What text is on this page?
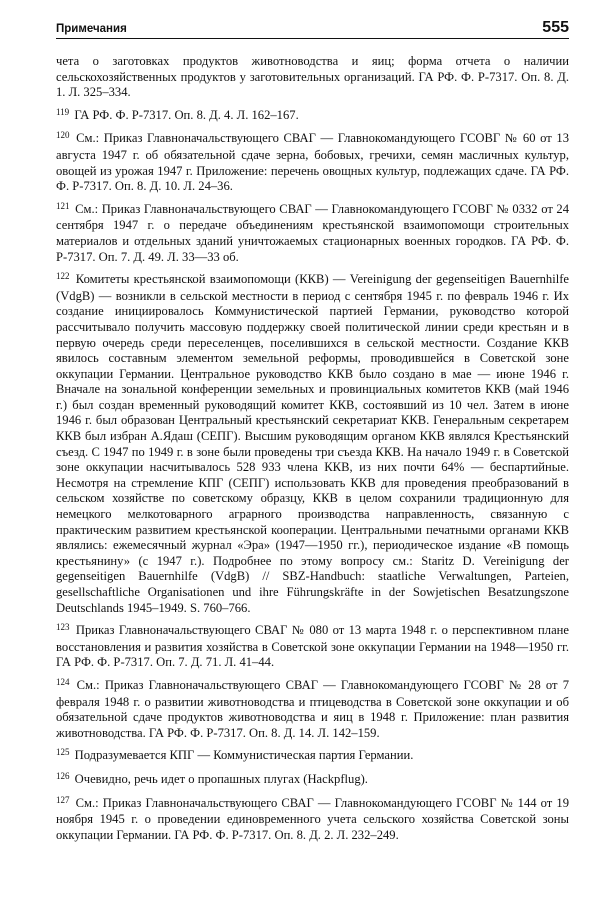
Примечания	555

чета о заготовках продуктов животноводства и яиц; форма отчета о наличии сельскохозяйственных продуктов у заготовительных организаций. ГА РФ. Ф. Р-7317. Оп. 8. Д. 1. Л. 325–334.

$^{119}$ ГА РФ. Ф. Р-7317. Оп. 8. Д. 4. Л. 162–167.

$^{120}$ См.: Приказ Главноначальствующего СВАГ — Главнокомандующего ГСОВГ № 60 от 13 августа 1947 г. об обязательной сдаче зерна, бобовых, гречихи, семян масличных культур, овощей из урожая 1947 г. Приложение: перечень овощных культур, подлежащих сдаче. ГА РФ. Ф. Р-7317. Оп. 8. Д. 10. Л. 24–36.

$^{121}$ См.: Приказ Главноначальствующего СВАГ — Главнокомандующего ГСОВГ № 0332 от 24 сентября 1947 г. о передаче объединениям крестьянской взаимопомощи строительных материалов и отдельных зданий уничтожаемых стационарных военных городков. ГА РФ. Ф. Р-7317. Оп. 7. Д. 49. Л. 33—33 об.

$^{122}$ Комитеты крестьянской взаимопомощи (ККВ) — Vereinigung der gegenseitigen Bauernhilfe (VdgB) — возникли в сельской местности в период с сентября 1945 г. по февраль 1946 г. Их создание инициировалось Коммунистической партией Германии, руководство которой рассчитывало получить массовую поддержку своей политической линии среди крестьян и в первую очередь среди переселенцев, поселившихся в сельской местности. Создание ККВ явилось составным элементом земельной реформы, проводившейся в Советской зоне оккупации Германии. Центральное руководство ККВ было создано в мае — июне 1946 г. Вначале на зональной конференции земельных и провинциальных комитетов ККВ (май 1946 г.) был создан временный руководящий комитет ККВ, состоявший из 10 чел. Затем в июне 1946 г. был образован Центральный крестьянский секретариат ККВ. Генеральным секретарем ККВ был избран А.Ядаш (СЕПГ). Высшим руководящим органом ККВ являлся Крестьянский съезд. С 1947 по 1949 г. в зоне были проведены три съезда ККВ. На начало 1949 г. в Советской зоне оккупации насчитывалось 528 933 члена ККВ, из них почти 64% — беспартийные. Несмотря на стремление КПГ (СЕПГ) использовать ККВ для проведения преобразований в сельском хозяйстве по советскому образцу, ККВ в целом сохранили традиционную для немецкого мелкотоварного аграрного производства направленность, связанную с практическим развитием крестьянской кооперации. Центральными печатными органами ККВ являлись: ежемесячный журнал «Эра» (1947—1950 гг.), периодическое издание «В помощь крестьянину» (с 1947 г.). Подробнее по этому вопросу см.: Staritz D. Vereinigung der gegenseitigen Bauernhilfe (VdgB) // SBZ-Handbuch: staatliche Verwaltungen, Parteien, gesellschaftliche Organisationen und ihre Führungskräfte in der Sowjetischen Besatzungszone Deutschlands 1945–1949. S. 760–766.

$^{123}$ Приказ Главноначальствующего СВАГ № 080 от 13 марта 1948 г. о перспективном плане восстановления и развития хозяйства в Советской зоне оккупации Германии на 1948—1950 гг. ГА РФ. Ф. Р-7317. Оп. 7. Д. 71. Л. 41–44.

$^{124}$ См.: Приказ Главноначальствующего СВАГ — Главнокомандующего ГСОВГ № 28 от 7 февраля 1948 г. о развитии животноводства и птицеводства в Советской зоне оккупации и об обязательной сдаче продуктов животноводства и яиц в 1948 г. Приложение: план развития животноводства. ГА РФ. Ф. Р-7317. Оп. 8. Д. 14. Л. 142–159.

$^{125}$ Подразумевается КПГ — Коммунистическая партия Германии.

$^{126}$ Очевидно, речь идет о пропашных плугах (Hackpflug).

$^{127}$ См.: Приказ Главноначальствующего СВАГ — Главнокомандующего ГСОВГ № 144 от 19 ноября 1945 г. о проведении единовременного учета сельского хозяйства Советской зоны оккупации Германии. ГА РФ. Ф. Р-7317. Оп. 8. Д. 2. Л. 232–249.
